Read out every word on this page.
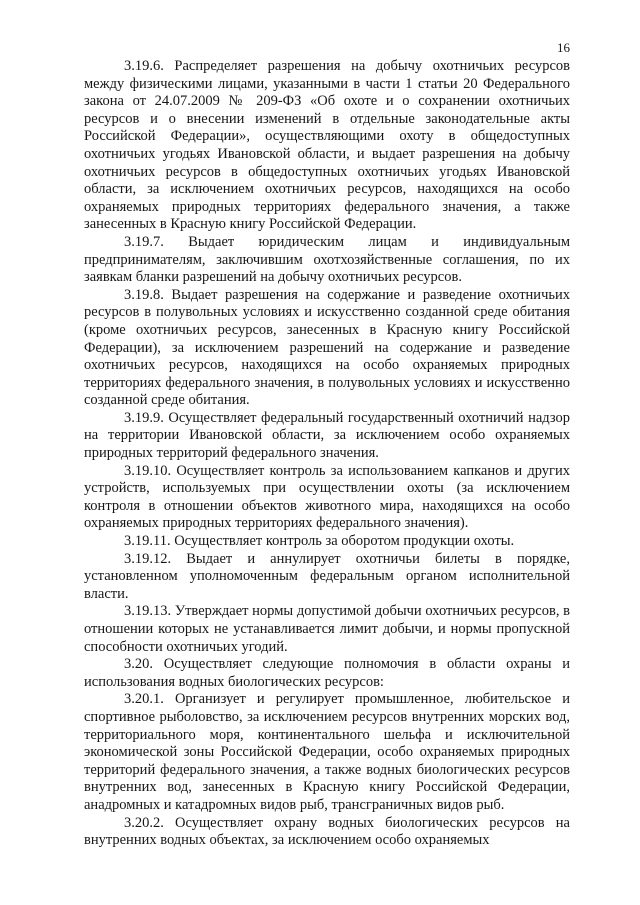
16

3.19.6. Распределяет разрешения на добычу охотничьих ресурсов между физическими лицами, указанными в части 1 статьи 20 Федерального закона от 24.07.2009 № 209-ФЗ «Об охоте и о сохранении охотничьих ресурсов и о внесении изменений в отдельные законодательные акты Российской Федерации», осуществляющими охоту в общедоступных охотничьих угодьях Ивановской области, и выдает разрешения на добычу охотничьих ресурсов в общедоступных охотничьих угодьях Ивановской области, за исключением охотничьих ресурсов, находящихся на особо охраняемых природных территориях федерального значения, а также занесенных в Красную книгу Российской Федерации.

3.19.7. Выдает юридическим лицам и индивидуальным предпринимателям, заключившим охотхозяйственные соглашения, по их заявкам бланки разрешений на добычу охотничьих ресурсов.

3.19.8. Выдает разрешения на содержание и разведение охотничьих ресурсов в полувольных условиях и искусственно созданной среде обитания (кроме охотничьих ресурсов, занесенных в Красную книгу Российской Федерации), за исключением разрешений на содержание и разведение охотничьих ресурсов, находящихся на особо охраняемых природных территориях федерального значения, в полувольных условиях и искусственно созданной среде обитания.

3.19.9. Осуществляет федеральный государственный охотничий надзор на территории Ивановской области, за исключением особо охраняемых природных территорий федерального значения.

3.19.10. Осуществляет контроль за использованием капканов и других устройств, используемых при осуществлении охоты (за исключением контроля в отношении объектов животного мира, находящихся на особо охраняемых природных территориях федерального значения).

3.19.11. Осуществляет контроль за оборотом продукции охоты.

3.19.12. Выдает и аннулирует охотничьи билеты в порядке, установленном уполномоченным федеральным органом исполнительной власти.

3.19.13. Утверждает нормы допустимой добычи охотничьих ресурсов, в отношении которых не устанавливается лимит добычи, и нормы пропускной способности охотничьих угодий.

3.20. Осуществляет следующие полномочия в области охраны и использования водных биологических ресурсов:

3.20.1. Организует и регулирует промышленное, любительское и спортивное рыболовство, за исключением ресурсов внутренних морских вод, территориального моря, континентального шельфа и исключительной экономической зоны Российской Федерации, особо охраняемых природных территорий федерального значения, а также водных биологических ресурсов внутренних вод, занесенных в Красную книгу Российской Федерации, анадромных и катадромных видов рыб, трансграничных видов рыб.

3.20.2. Осуществляет охрану водных биологических ресурсов на внутренних водных объектах, за исключением особо охраняемых
